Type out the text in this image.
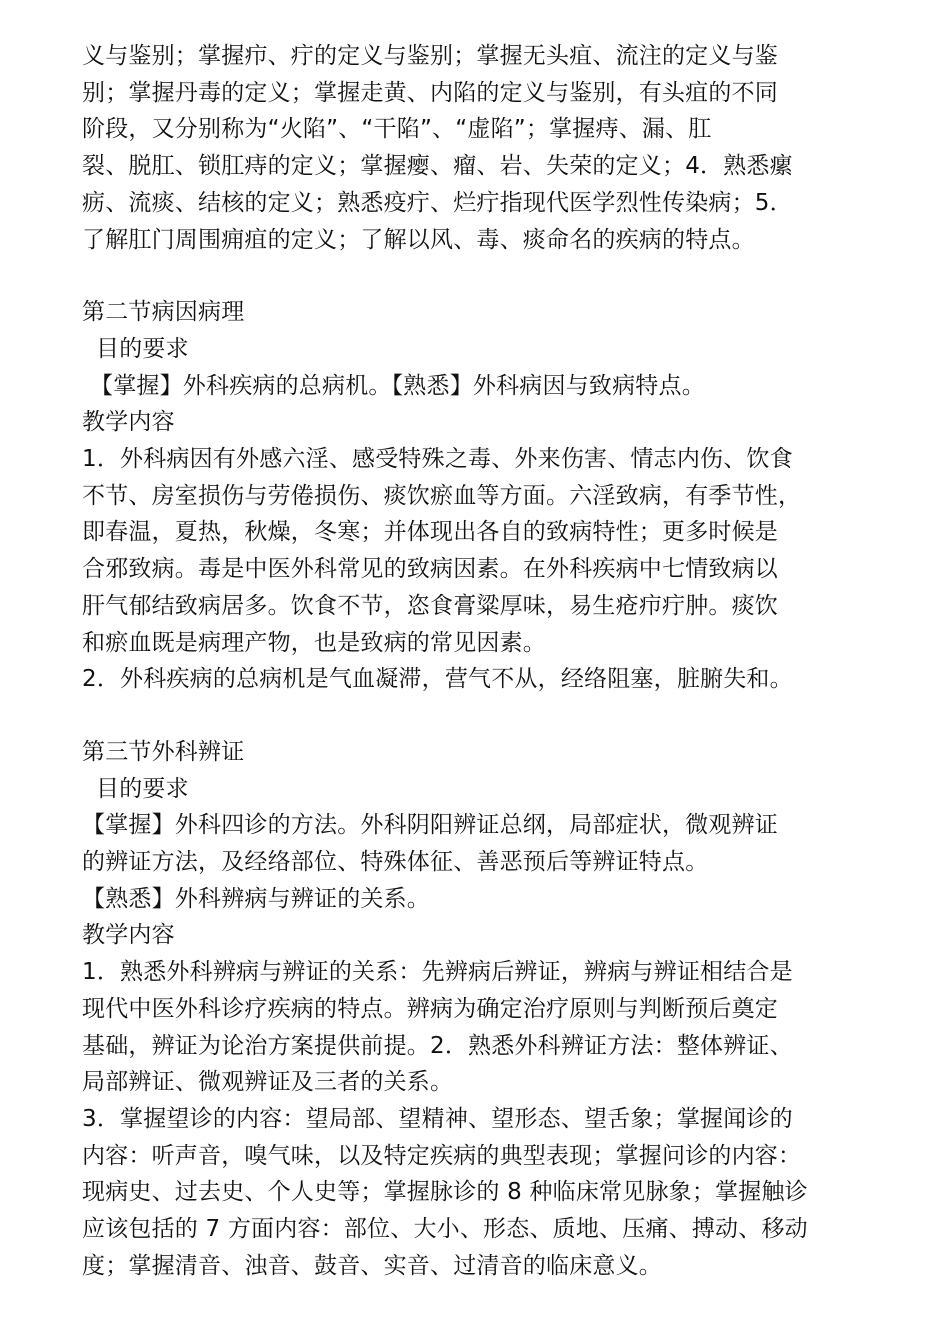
义与鉴别；掌握疖、疔的定义与鉴别；掌握无头疽、流注的定义与鉴
别；掌握丹毒的定义；掌握走黄、内陷的定义与鉴别，有头疽的不同
阶段，又分别称为“火陷”、“干陷”、“虚陷”；掌握痔、漏、肛
裂、脱肛、锁肛痔的定义；掌握瘿、瘤、岩、失荣的定义；4．熟悉瘰
疬、流痰、结核的定义；熟悉疫疔、烂疔指现代医学烈性传染病；5．
了解肛门周围痈疽的定义；了解以风、毒、痰命名的疾病的特点。
第二节病因病理
目的要求
【掌握】外科疾病的总病机。【熟悉】外科病因与致病特点。
教学内容
1．外科病因有外感六淫、感受特殊之毒、外来伤害、情志内伤、饮食
不节、房室损伤与劳倦损伤、痰饮瘀血等方面。六淫致病，有季节性，
即春温，夏热，秋燥，冬寒；并体现出各自的致病特性；更多时候是
合邪致病。毒是中医外科常见的致病因素。在外科疾病中七情致病以
肝气郁结致病居多。饮食不节，恣食膏粱厚味，易生疮疖疔肿。痰饮
和瘀血既是病理产物，也是致病的常见因素。
2．外科疾病的总病机是气血凝滞，营气不从，经络阻塞，脏腑失和。
第三节外科辨证
目的要求
【掌握】外科四诊的方法。外科阴阳辨证总纲，局部症状，微观辨证
的辨证方法，及经络部位、特殊体征、善恶预后等辨证特点。
【熟悉】外科辨病与辨证的关系。
教学内容
1．熟悉外科辨病与辨证的关系：先辨病后辨证，辨病与辨证相结合是
现代中医外科诊疗疾病的特点。辨病为确定治疗原则与判断预后奠定
基础，辨证为论治方案提供前提。2．熟悉外科辨证方法：整体辨证、
局部辨证、微观辨证及三者的关系。
3．掌握望诊的内容：望局部、望精神、望形态、望舌象；掌握闻诊的
内容：听声音，嗅气味，以及特定疾病的典型表现；掌握问诊的内容：
现病史、过去史、个人史等；掌握脉诊的 8 种临床常见脉象；掌握触诊
应该包括的 7 方面内容：部位、大小、形态、质地、压痛、搏动、移动
度；掌握清音、浊音、鼓音、实音、过清音的临床意义。
